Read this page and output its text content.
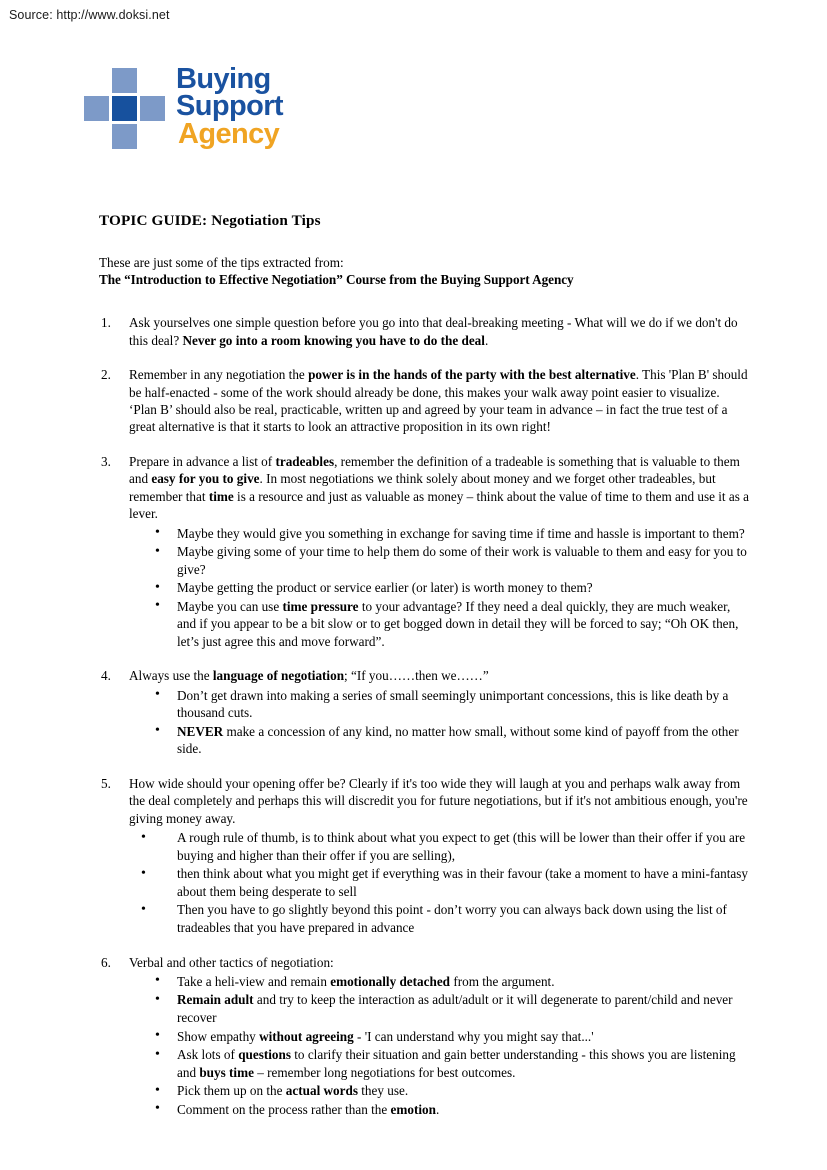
Source: http://www.doksi.net
Buying
Support
Agency
TOPIC GUIDE: Negotiation Tips

These are just some of the tips extracted from:
The “Introduction to Effective Negotiation” Course from the Buying Support Agency

1.	Ask yourselves one simple question before you go into that deal-breaking meeting - What will we do if we don't do this deal? Never go into a room knowing you have to do the deal.
2.	Remember in any negotiation the power is in the hands of the party with the best alternative. This 'Plan B' should be half-enacted - some of the work should already be done, this makes your walk away point easier to visualize. ‘Plan B’ should also be real, practicable, written up and agreed by your team in advance – in fact the true test of a great alternative is that it starts to look an attractive proposition in its own right!
3.	Prepare in advance a list of tradeables, remember the definition of a tradeable is something that is valuable to them and easy for you to give. In most negotiations we think solely about money and we forget other tradeables, but remember that time is a resource and just as valuable as money – think about the value of time to them and use it as a lever.
• Maybe they would give you something in exchange for saving time if time and hassle is important to them?
• Maybe giving some of your time to help them do some of their work is valuable to them and easy for you to give?
• Maybe getting the product or service earlier (or later) is worth money to them?
• Maybe you can use time pressure to your advantage? If they need a deal quickly, they are much weaker, and if you appear to be a bit slow or to get bogged down in detail they will be forced to say; “Oh OK then, let’s just agree this and move forward”.
4.	Always use the language of negotiation; “If you……then we……”
• Don’t get drawn into making a series of small seemingly unimportant concessions, this is like death by a thousand cuts.
• NEVER make a concession of any kind, no matter how small, without some kind of payoff from the other side.
5.	How wide should your opening offer be? Clearly if it's too wide they will laugh at you and perhaps walk away from the deal completely and perhaps this will discredit you for future negotiations, but if it's not ambitious enough, you're giving money away.
• A rough rule of thumb, is to think about what you expect to get (this will be lower than their offer if you are buying and higher than their offer if you are selling),
• then think about what you might get if everything was in their favour (take a moment to have a mini-fantasy about them being desperate to sell
• Then you have to go slightly beyond this point - don’t worry you can always back down using the list of tradeables that you have prepared in advance
6.	Verbal and other tactics of negotiation:
• Take a heli-view and remain emotionally detached from the argument.
• Remain adult and try to keep the interaction as adult/adult or it will degenerate to parent/child and never recover
• Show empathy without agreeing - 'I can understand why you might say that...'
• Ask lots of questions to clarify their situation and gain better understanding - this shows you are listening and buys time – remember long negotiations for best outcomes.
• Pick them up on the actual words they use.
• Comment on the process rather than the emotion.
